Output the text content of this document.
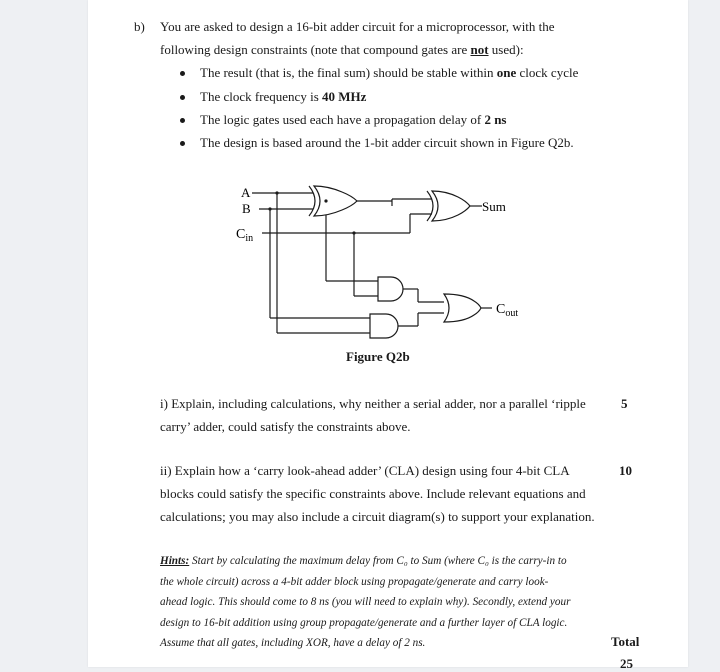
b) You are asked to design a 16-bit adder circuit for a microprocessor, with the
following design constraints (note that compound gates are not used):
The result (that is, the final sum) should be stable within one clock cycle
The clock frequency is 40 MHz
The logic gates used each have a propagation delay of 2 ns
The design is based around the 1-bit adder circuit shown in Figure Q2b.
A
B
$C_{in}$
Sum
$C_{out}$
Figure Q2b
i) Explain, including calculations, why neither a serial adder, nor a parallel ‘ripple
carry’ adder, could satisfy the constraints above.
5
ii) Explain how a ‘carry look-ahead adder’ (CLA) design using four 4-bit CLA
blocks could satisfy the specific constraints above. Include relevant equations and
calculations; you may also include a circuit diagram(s) to support your explanation.
10
Hints: Start by calculating the maximum delay from C₀ to Sum (where C₀ is the carry-in to
the whole circuit) across a 4-bit adder block using propagate/generate and carry look-
ahead logic. This should come to 8 ns (you will need to explain why). Secondly, extend your
design to 16-bit addition using group propagate/generate and a further layer of CLA logic.
Assume that all gates, including XOR, have a delay of 2 ns.	Total
25
